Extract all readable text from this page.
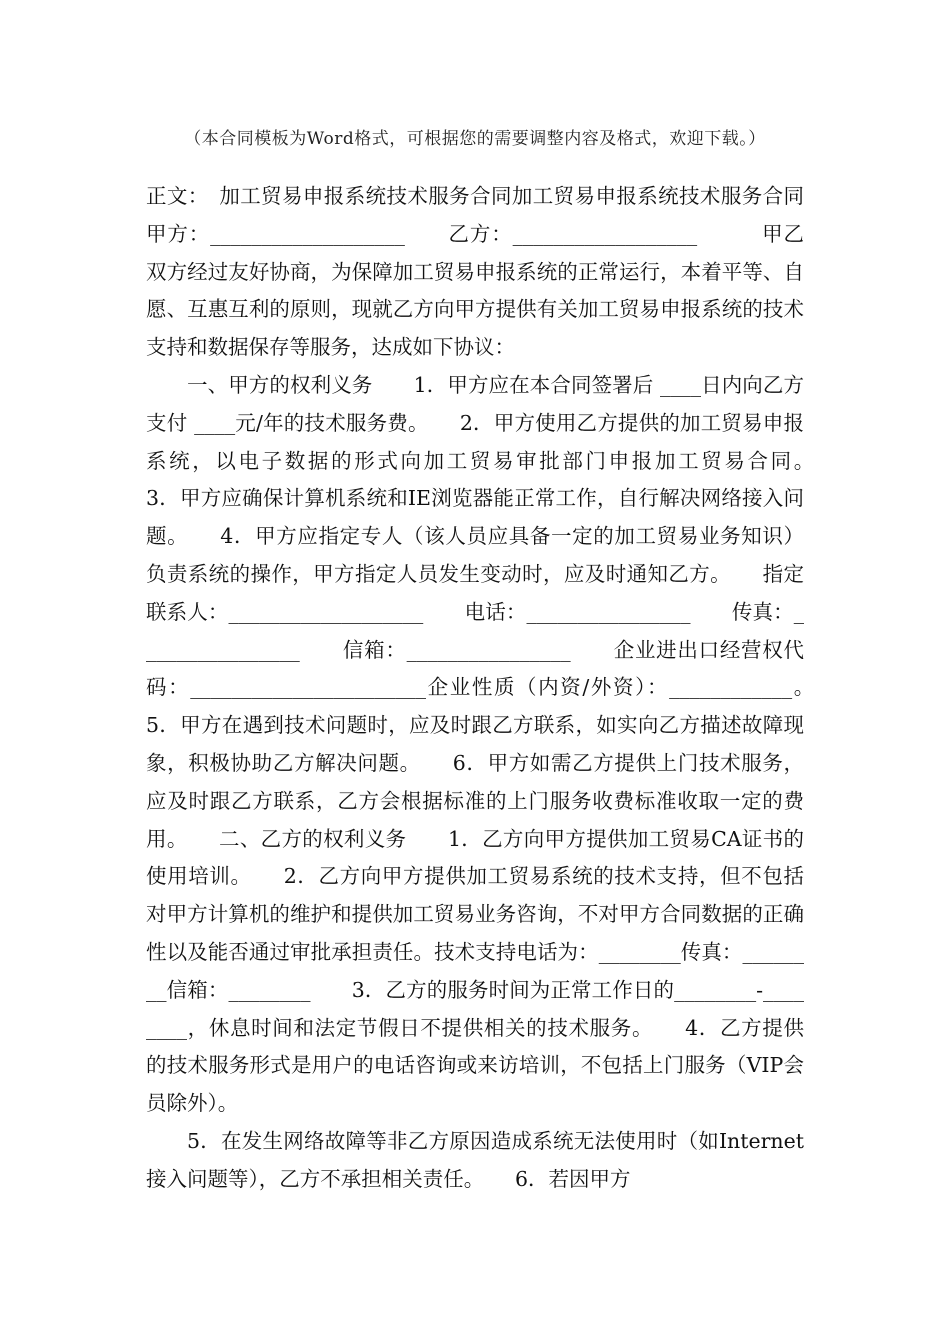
（本合同模板为Word格式，可根据您的需要调整内容及格式，欢迎下载。）

正文：　加工贸易申报系统技术服务合同加工贸易申报系统技术服务合同　　　　甲方：___________________　　乙方：__________________　　　甲乙双方经过友好协商，为保障加工贸易申报系统的正常运行，本着平等、自愿、互惠互利的原则，现就乙方向甲方提供有关加工贸易申报系统的技术支持和数据保存等服务，达成如下协议：

一、甲方的权利义务　　1．甲方应在本合同签署后 ____日内向乙方支付 ____元/年的技术服务费。　　2．甲方使用乙方提供的加工贸易申报系统，以电子数据的形式向加工贸易审批部门申报加工贸易合同。　　3．甲方应确保计算机系统和IE浏览器能正常工作，自行解决网络接入问题。　　4．甲方应指定专人（该人员应具备一定的加工贸易业务知识）负责系统的操作，甲方指定人员发生变动时，应及时通知乙方。　　指定联系人：___________________　　电话：________________　　传真：________________　　信箱：________________　　企业进出口经营权代码：_______________________企业性质（内资/外资）：____________。　　5．甲方在遇到技术问题时，应及时跟乙方联系，如实向乙方描述故障现象，积极协助乙方解决问题。　　6．甲方如需乙方提供上门技术服务，应及时跟乙方联系，乙方会根据标准的上门服务收费标准收取一定的费用。　　二、乙方的权利义务　　1．乙方向甲方提供加工贸易CA证书的使用培训。　　2．乙方向甲方提供加工贸易系统的技术支持，但不包括对甲方计算机的维护和提供加工贸易业务咨询，不对甲方合同数据的正确性以及能否通过审批承担责任。技术支持电话为：________传真：________信箱：________　　3．乙方的服务时间为正常工作日的________-________，休息时间和法定节假日不提供相关的技术服务。　　4．乙方提供的技术服务形式是用户的电话咨询或来访培训，不包括上门服务（VIP会员除外）。

5．在发生网络故障等非乙方原因造成系统无法使用时（如Internet接入问题等），乙方不承担相关责任。　　6．若因甲方
